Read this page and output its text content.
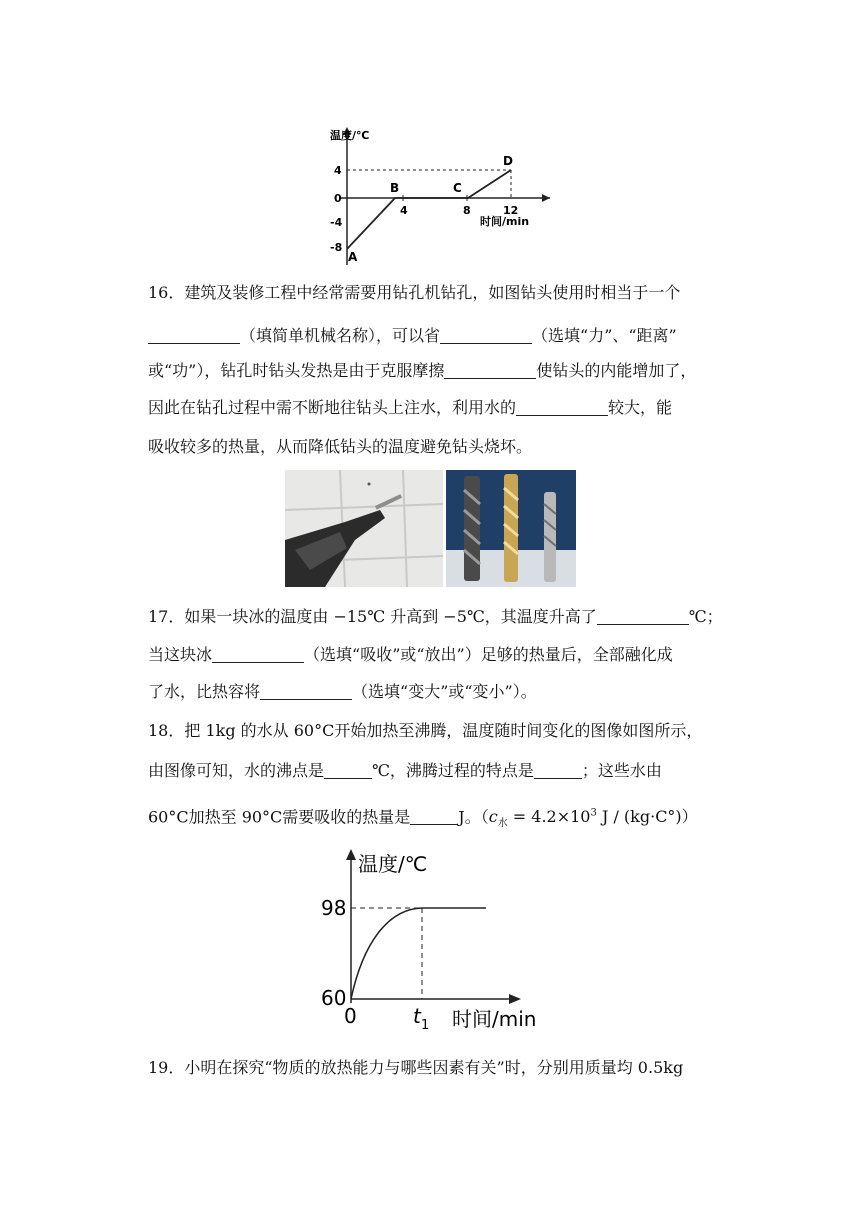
温度/℃
时间/min
4
0
-4
-8
4	8	12
A
B	C
D
16．建筑及装修工程中经常需要用钻孔机钻孔，如图钻头使用时相当于一个
（填简单机械名称），可以省	（选填“力”、“距离”
或“功”），钻孔时钻头发热是由于克服摩擦	使钻头的内能增加了，
因此在钻孔过程中需不断地往钻头上注水，利用水的	较大，能
吸收较多的热量，从而降低钻头的温度避免钻头烧坏。
17．如果一块冰的温度由 −15℃ 升高到 −5℃，其温度升高了	℃；
当这块冰	（选填“吸收”或“放出”）足够的热量后，全部融化成
了水，比热容将	（选填“变大”或“变小”）。
18．把 1kg 的水从 60°C开始加热至沸腾，温度随时间变化的图像如图所示，
由图像可知，水的沸点是	℃，沸腾过程的特点是	；这些水由
60°C加热至 90°C需要吸收的热量是	J。（$c_水 = 4.2\times 10^3$ J / (kg·C°)）
温度/℃
98
60
0	t 1 时间/min
19．小明在探究“物质的放热能力与哪些因素有关”时，分别用质量均 0.5kg
